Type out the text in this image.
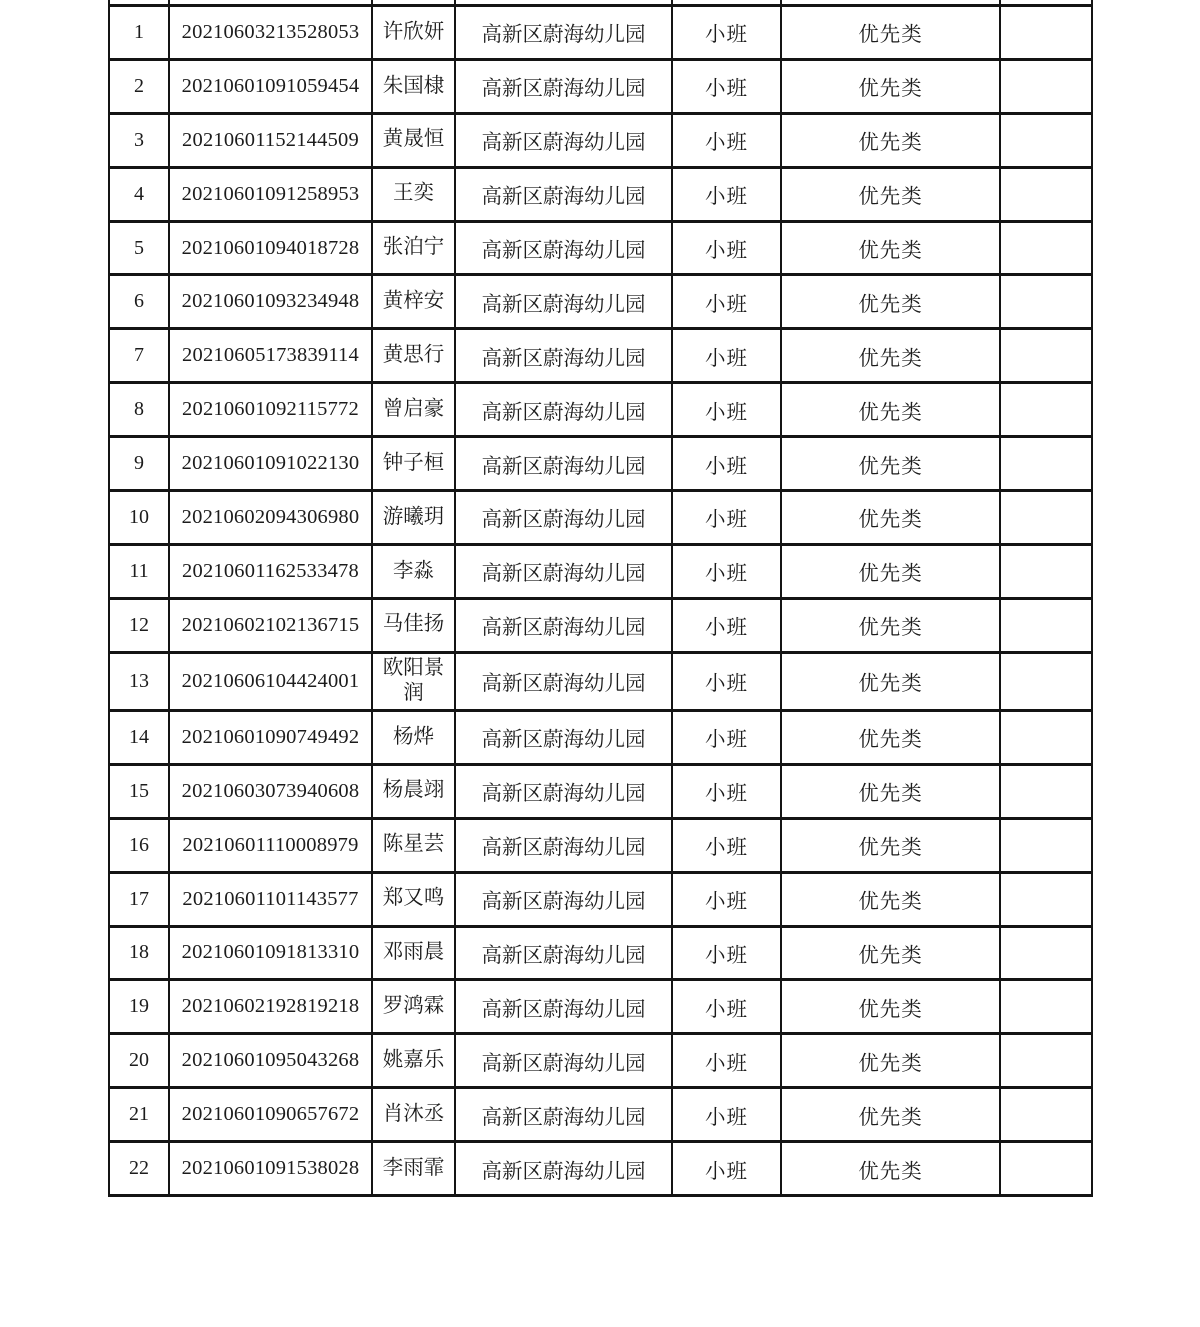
1	20210603213528053	许欣妍	高新区蔚海幼儿园	小班	优先类	
2	20210601091059454	朱国棣	高新区蔚海幼儿园	小班	优先类	
3	20210601152144509	黄晟恒	高新区蔚海幼儿园	小班	优先类	
4	20210601091258953	王奕	高新区蔚海幼儿园	小班	优先类	
5	20210601094018728	张泊宁	高新区蔚海幼儿园	小班	优先类	
6	20210601093234948	黄梓安	高新区蔚海幼儿园	小班	优先类	
7	20210605173839114	黄思行	高新区蔚海幼儿园	小班	优先类	
8	20210601092115772	曾启豪	高新区蔚海幼儿园	小班	优先类	
9	20210601091022130	钟子桓	高新区蔚海幼儿园	小班	优先类	
10	20210602094306980	游曦玥	高新区蔚海幼儿园	小班	优先类	
11	20210601162533478	李淼	高新区蔚海幼儿园	小班	优先类	
12	20210602102136715	马佳扬	高新区蔚海幼儿园	小班	优先类	
13	20210606104424001	欧阳景润	高新区蔚海幼儿园	小班	优先类	
14	20210601090749492	杨烨	高新区蔚海幼儿园	小班	优先类	
15	20210603073940608	杨晨翊	高新区蔚海幼儿园	小班	优先类	
16	20210601110008979	陈星芸	高新区蔚海幼儿园	小班	优先类	
17	20210601101143577	郑又鸣	高新区蔚海幼儿园	小班	优先类	
18	20210601091813310	邓雨晨	高新区蔚海幼儿园	小班	优先类	
19	20210602192819218	罗鸿霖	高新区蔚海幼儿园	小班	优先类	
20	20210601095043268	姚嘉乐	高新区蔚海幼儿园	小班	优先类	
21	20210601090657672	肖沐丞	高新区蔚海幼儿园	小班	优先类	
22	20210601091538028	李雨霏	高新区蔚海幼儿园	小班	优先类	
